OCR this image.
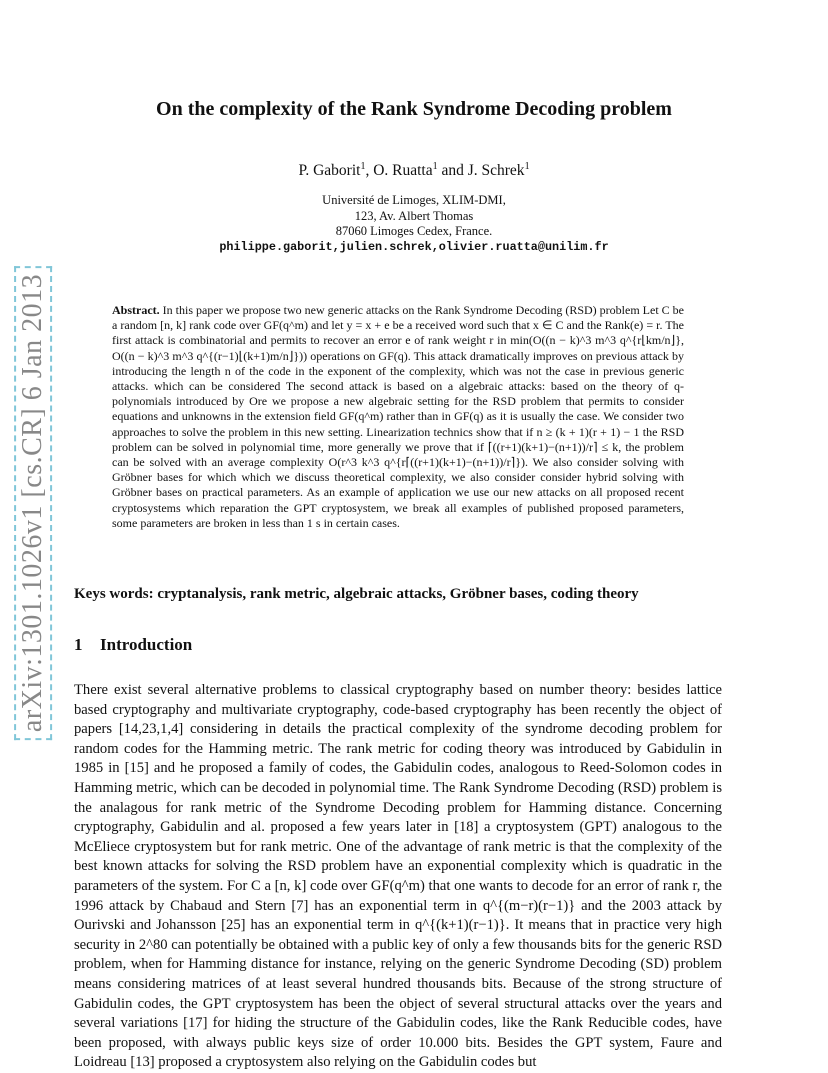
arXiv:1301.1026v1 [cs.CR] 6 Jan 2013
On the complexity of the Rank Syndrome Decoding problem
P. Gaborit$^1$, O. Ruatta$^1$ and J. Schrek$^1$
Université de Limoges, XLIM-DMI,
123, Av. Albert Thomas
87060 Limoges Cedex, France.
philippe.gaborit,julien.schrek,olivier.ruatta@unilim.fr
Abstract. In this paper we propose two new generic attacks on the Rank Syndrome Decoding (RSD) problem Let C be a random [n, k] rank code over GF(q^m) and let y = x + e be a received word such that x ∈ C and the Rank(e) = r. The first attack is combinatorial and permits to recover an error e of rank weight r in min(O((n − k)^3 m^3 q^{r⌊km/n⌋}, O((n − k)^3 m^3 q^{(r−1)⌊(k+1)m/n⌋})) operations on GF(q). This attack dramatically improves on previous attack by introducing the length n of the code in the exponent of the complexity, which was not the case in previous generic attacks. which can be considered The second attack is based on a algebraic attacks: based on the theory of q-polynomials introduced by Ore we propose a new algebraic setting for the RSD problem that permits to consider equations and unknowns in the extension field GF(q^m) rather than in GF(q) as it is usually the case. We consider two approaches to solve the problem in this new setting. Linearization technics show that if n ≥ (k + 1)(r + 1) − 1 the RSD problem can be solved in polynomial time, more generally we prove that if ⌈((r+1)(k+1)−(n+1))/r⌉ ≤ k, the problem can be solved with an average complexity O(r^3 k^3 q^{r⌈((r+1)(k+1)−(n+1))/r⌉}). We also consider solving with Gröbner bases for which which we discuss theoretical complexity, we also consider consider hybrid solving with Gröbner bases on practical parameters. As an example of application we use our new attacks on all proposed recent cryptosystems which reparation the GPT cryptosystem, we break all examples of published proposed parameters, some parameters are broken in less than 1 s in certain cases.
Keys words: cryptanalysis, rank metric, algebraic attacks, Gröbner bases, coding theory
1 Introduction

There exist several alternative problems to classical cryptography based on number theory: besides lattice based cryptography and multivariate cryptography, code-based cryptography has been recently the object of papers [14,23,1,4] considering in details the practical complexity of the syndrome decoding problem for random codes for the Hamming metric. The rank metric for coding theory was introduced by Gabidulin in 1985 in [15] and he proposed a family of codes, the Gabidulin codes, analogous to Reed-Solomon codes in Hamming metric, which can be decoded in polynomial time. The Rank Syndrome Decoding (RSD) problem is the analagous for rank metric of the Syndrome Decoding problem for Hamming distance. Concerning cryptography, Gabidulin and al. proposed a few years later in [18] a cryptosystem (GPT) analogous to the McEliece cryptosystem but for rank metric. One of the advantage of rank metric is that the complexity of the best known attacks for solving the RSD problem have an exponential complexity which is quadratic in the parameters of the system. For C a [n, k] code over GF(q^m) that one wants to decode for an error of rank r, the 1996 attack by Chabaud and Stern [7] has an exponential term in q^{(m−r)(r−1)} and the 2003 attack by Ourivski and Johansson [25] has an exponential term in q^{(k+1)(r−1)}. It means that in practice very high security in 2^80 can potentially be obtained with a public key of only a few thousands bits for the generic RSD problem, when for Hamming distance for instance, relying on the generic Syndrome Decoding (SD) problem means considering matrices of at least several hundred thousands bits. Because of the strong structure of Gabidulin codes, the GPT cryptosystem has been the object of several structural attacks over the years and several variations [17] for hiding the structure of the Gabidulin codes, like the Rank Reducible codes, have been proposed, with always public keys size of order 10.000 bits. Besides the GPT system, Faure and Loidreau [13] proposed a cryptosystem also relying on the Gabidulin codes but
